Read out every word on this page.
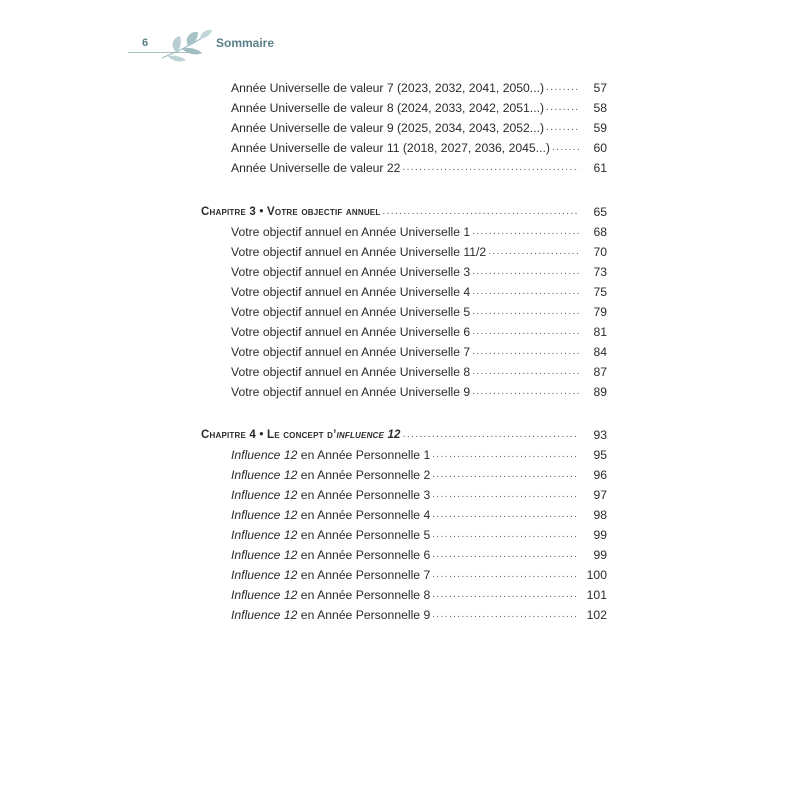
6	Sommaire
Année Universelle de valeur 7 (2023, 2032, 2041, 2050...) .....	57
Année Universelle de valeur 8 (2024, 2033, 2042, 2051...) .....	58
Année Universelle de valeur 9 (2025, 2034, 2043, 2052...) .....	59
Année Universelle de valeur 11 (2018, 2027, 2036, 2045...) .....	60
Année Universelle de valeur 22 .....	61
Chapitre 3 • Votre objectif annuel .....	65
Votre objectif annuel en Année Universelle 1 .....	68
Votre objectif annuel en Année Universelle 11/2 .....	70
Votre objectif annuel en Année Universelle 3 .....	73
Votre objectif annuel en Année Universelle 4 .....	75
Votre objectif annuel en Année Universelle 5 .....	79
Votre objectif annuel en Année Universelle 6 .....	81
Votre objectif annuel en Année Universelle 7 .....	84
Votre objectif annuel en Année Universelle 8 .....	87
Votre objectif annuel en Année Universelle 9 .....	89
Chapitre 4 • Le concept d’influence 12 .....	93
Influence 12 en Année Personnelle 1 .....	95
Influence 12 en Année Personnelle 2 .....	96
Influence 12 en Année Personnelle 3 .....	97
Influence 12 en Année Personnelle 4 .....	98
Influence 12 en Année Personnelle 5 .....	99
Influence 12 en Année Personnelle 6 .....	99
Influence 12 en Année Personnelle 7 .....	100
Influence 12 en Année Personnelle 8 .....	101
Influence 12 en Année Personnelle 9 .....	102
